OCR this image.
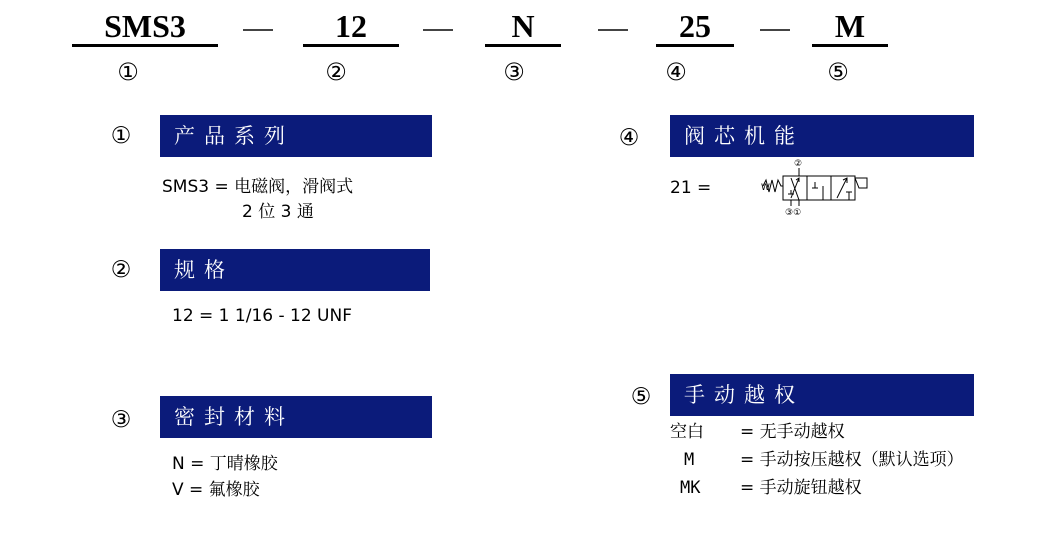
SMS3	12	N	25	M
①	②	③	④	⑤
①	产品系列
SMS3 = 电磁阀，滑阀式
2 位 3 通
②	规格
12 = 1 1/16 - 12 UNF
③	密封材料
N = 丁晴橡胶
V = 氟橡胶
④	阀芯机能
21 =	W
②
③①
⑤	手动越权
空白 = 无手动越权
M	= 手动按压越权（默认选项）
MK = 手动旋钮越权
